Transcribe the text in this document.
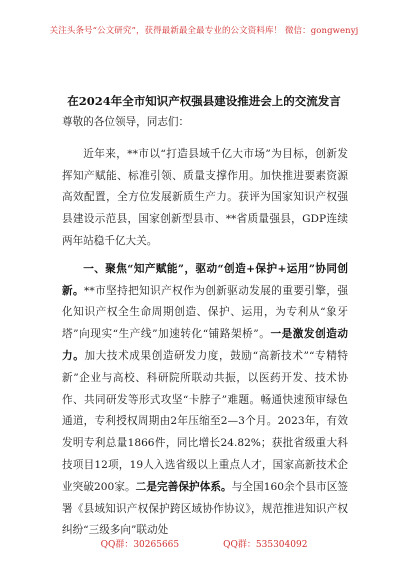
关注头条号“公文研究”，获得最新最全最专业的公文资料库！ 微信：gongwenyj
在2024年全市知识产权强县建设推进会上的交流发言

尊敬的各位领导，同志们：

近年来，**市以“打造县域千亿大市场”为目标，创新发挥知产赋能、标准引领、质量支撑作用。加快推进要素资源高效配置，全方位发展新质生产力。获评为国家知识产权强县建设示范县，国家创新型县市、**省质量强县，GDP连续两年站稳千亿大关。

一、聚焦“知产赋能”，驱动“创造+保护+运用”协同创新。**市坚持把知识产权作为创新驱动发展的重要引擎，强化知识产权全生命周期创造、保护、运用，为专利从“象牙塔”向现实“生产线”加速转化“铺路架桥”。一是激发创造动力。加大技术成果创造研发力度，鼓励“高新技术”“专精特新”企业与高校、科研院所联动共振，以医药开发、技术协作、共同研发等形式攻坚“卡脖子”难题。畅通快速预审绿色通道，专利授权周期由2年压缩至2—3个月。2023年，有效发明专利总量1866件，同比增长24.82%；获批省级重大科技项目12项，19人入选省级以上重点人才，国家高新技术企业突破200家。二是完善保护体系。与全国160余个县市区签署《县域知识产权保护跨区域协作协议》，规范推进知识产权纠纷“三级多向”联动处

QQ群：30265665	QQ群：535304092
